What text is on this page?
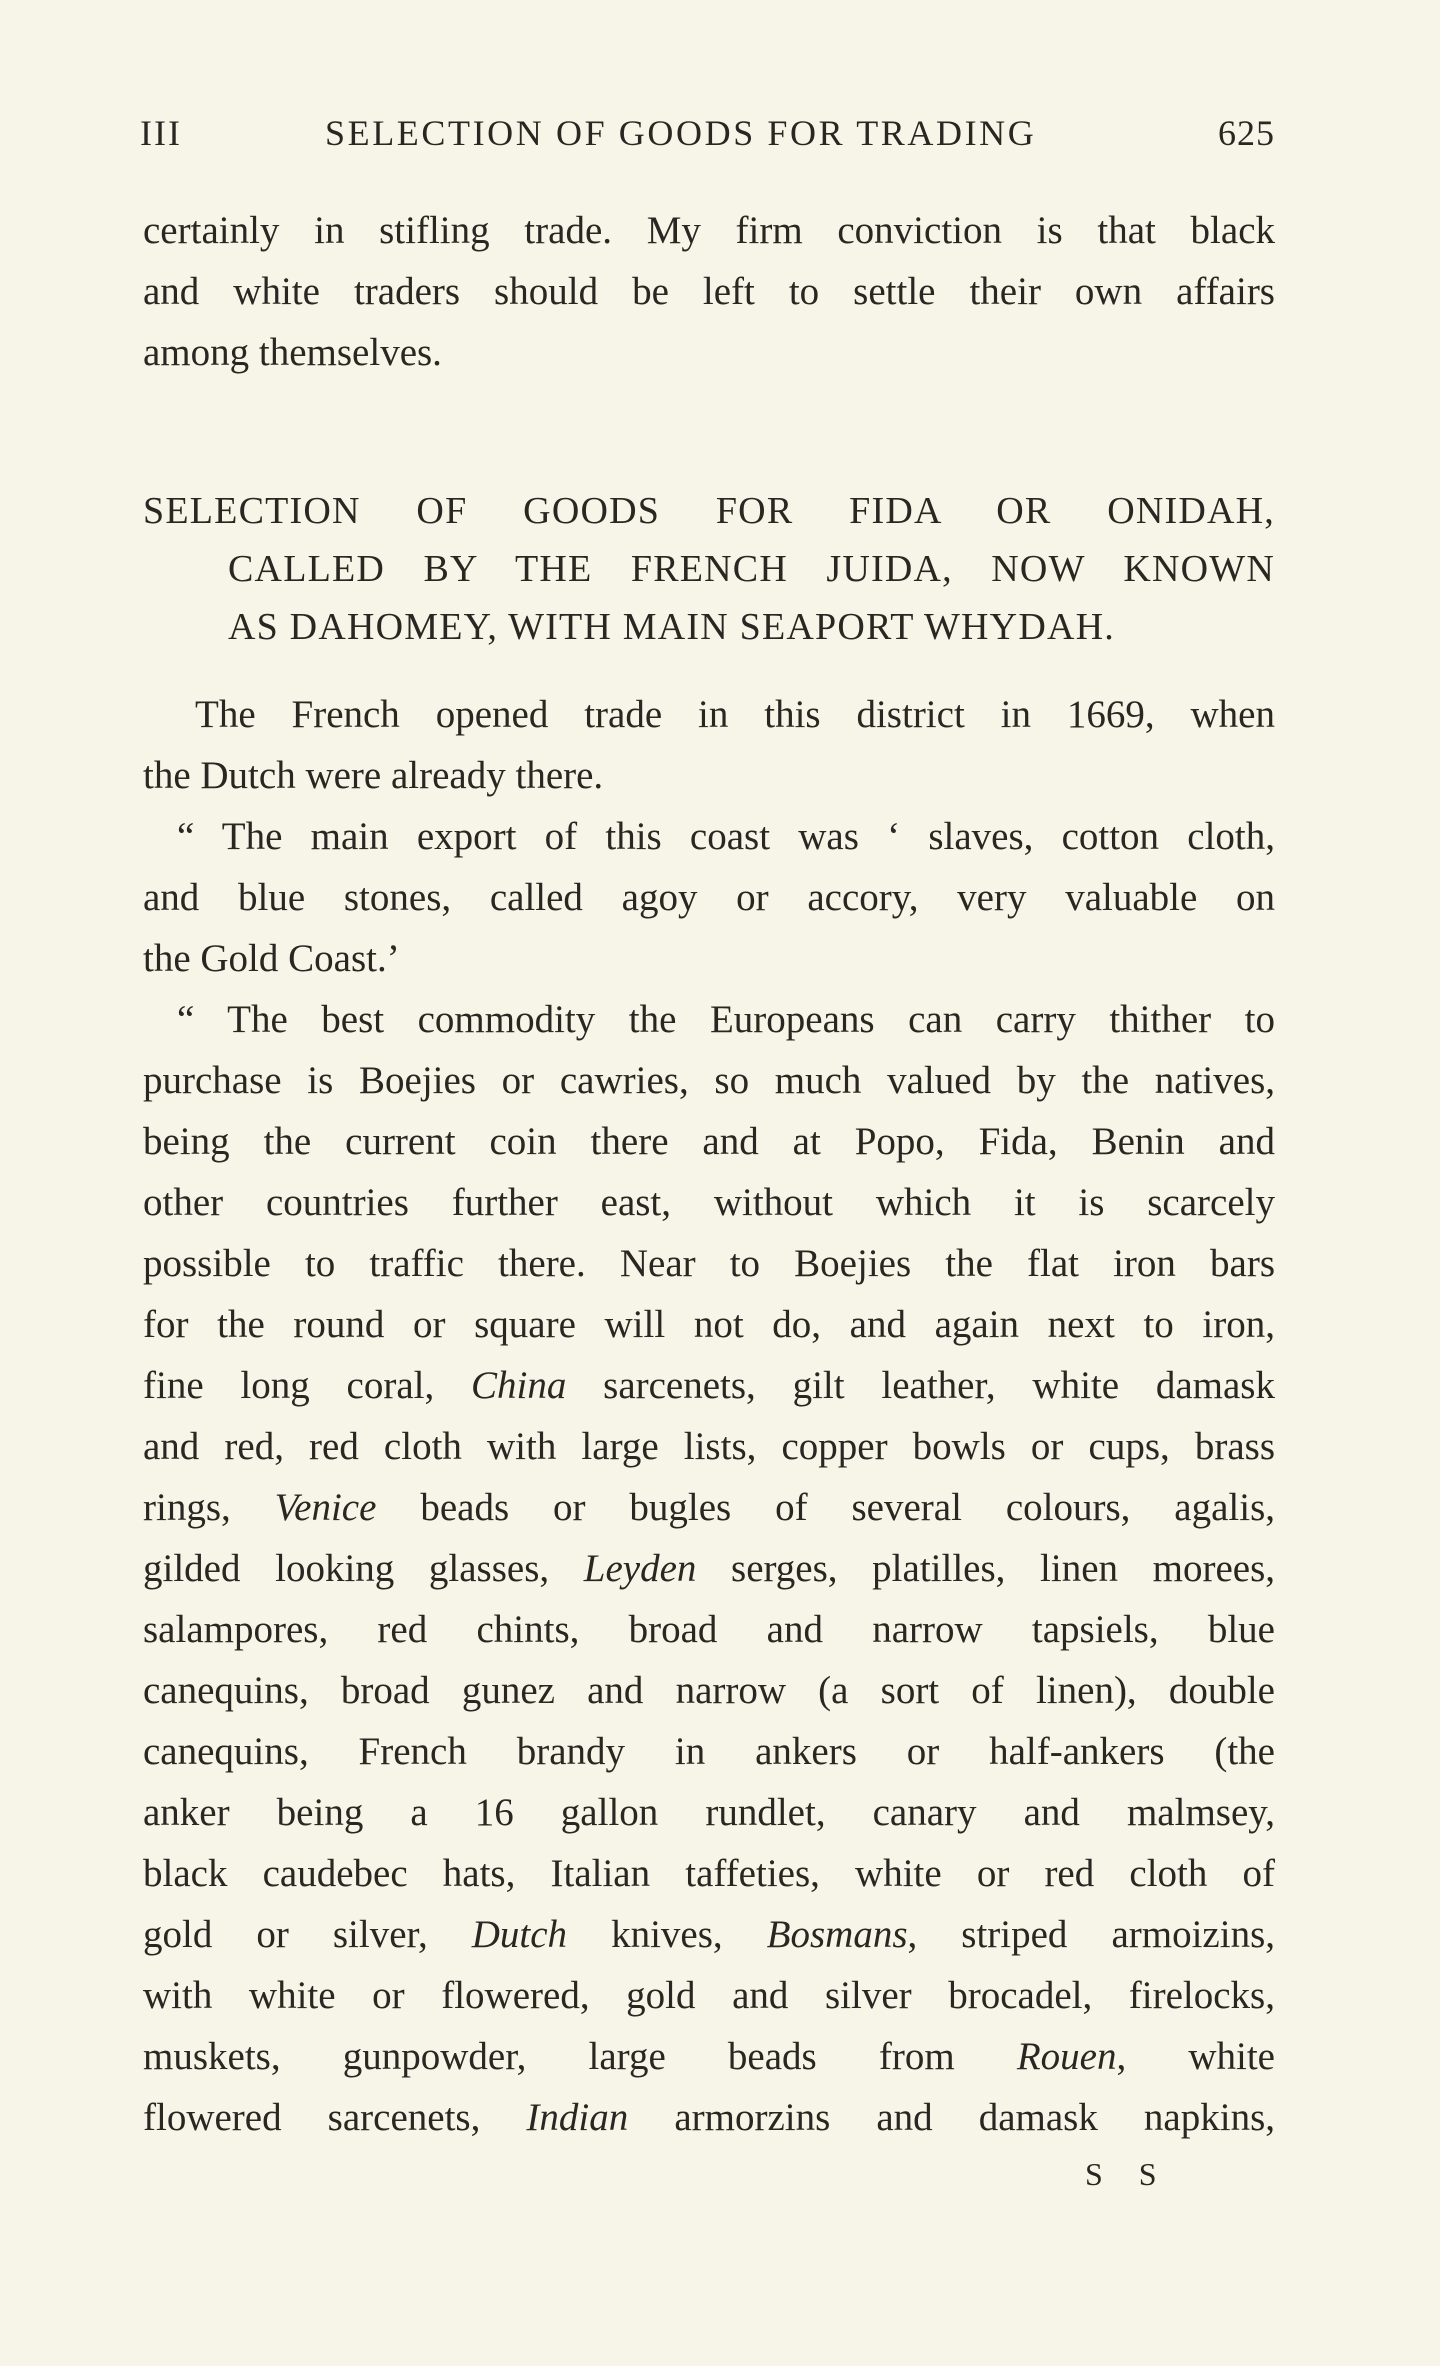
III	SELECTION OF GOODS FOR TRADING	625
certainly in stifling trade. My firm conviction is that black
and white traders should be left to settle their own affairs
among themselves.
SELECTION OF GOODS FOR FIDA OR ONIDAH,
CALLED BY THE FRENCH JUIDA, NOW KNOWN
AS DAHOMEY, WITH MAIN SEAPORT WHYDAH.
The French opened trade in this district in 1669, when
the Dutch were already there.
“ The main export of this coast was ‘ slaves, cotton cloth,
and blue stones, called agoy or accory, very valuable on
the Gold Coast.’
“ The best commodity the Europeans can carry thither to
purchase is Boejies or cawries, so much valued by the natives,
being the current coin there and at Popo, Fida, Benin and
other countries further east, without which it is scarcely
possible to traffic there. Near to Boejies the flat iron bars
for the round or square will not do, and again next to iron,
fine long coral, China sarcenets, gilt leather, white damask
and red, red cloth with large lists, copper bowls or cups, brass
rings, Venice beads or bugles of several colours, agalis,
gilded looking glasses, Leyden serges, platilles, linen morees,
salampores, red chints, broad and narrow tapsiels, blue
canequins, broad gunez and narrow (a sort of linen), double
canequins, French brandy in ankers or half-ankers (the
anker being a 16 gallon rundlet, canary and malmsey,
black caudebec hats, Italian taffeties, white or red cloth of
gold or silver, Dutch knives, Bosmans, striped armoizins,
with white or flowered, gold and silver brocadel, firelocks,
muskets, gunpowder, large beads from Rouen, white
flowered sarcenets, Indian armorzins and damask napkins,
S S
